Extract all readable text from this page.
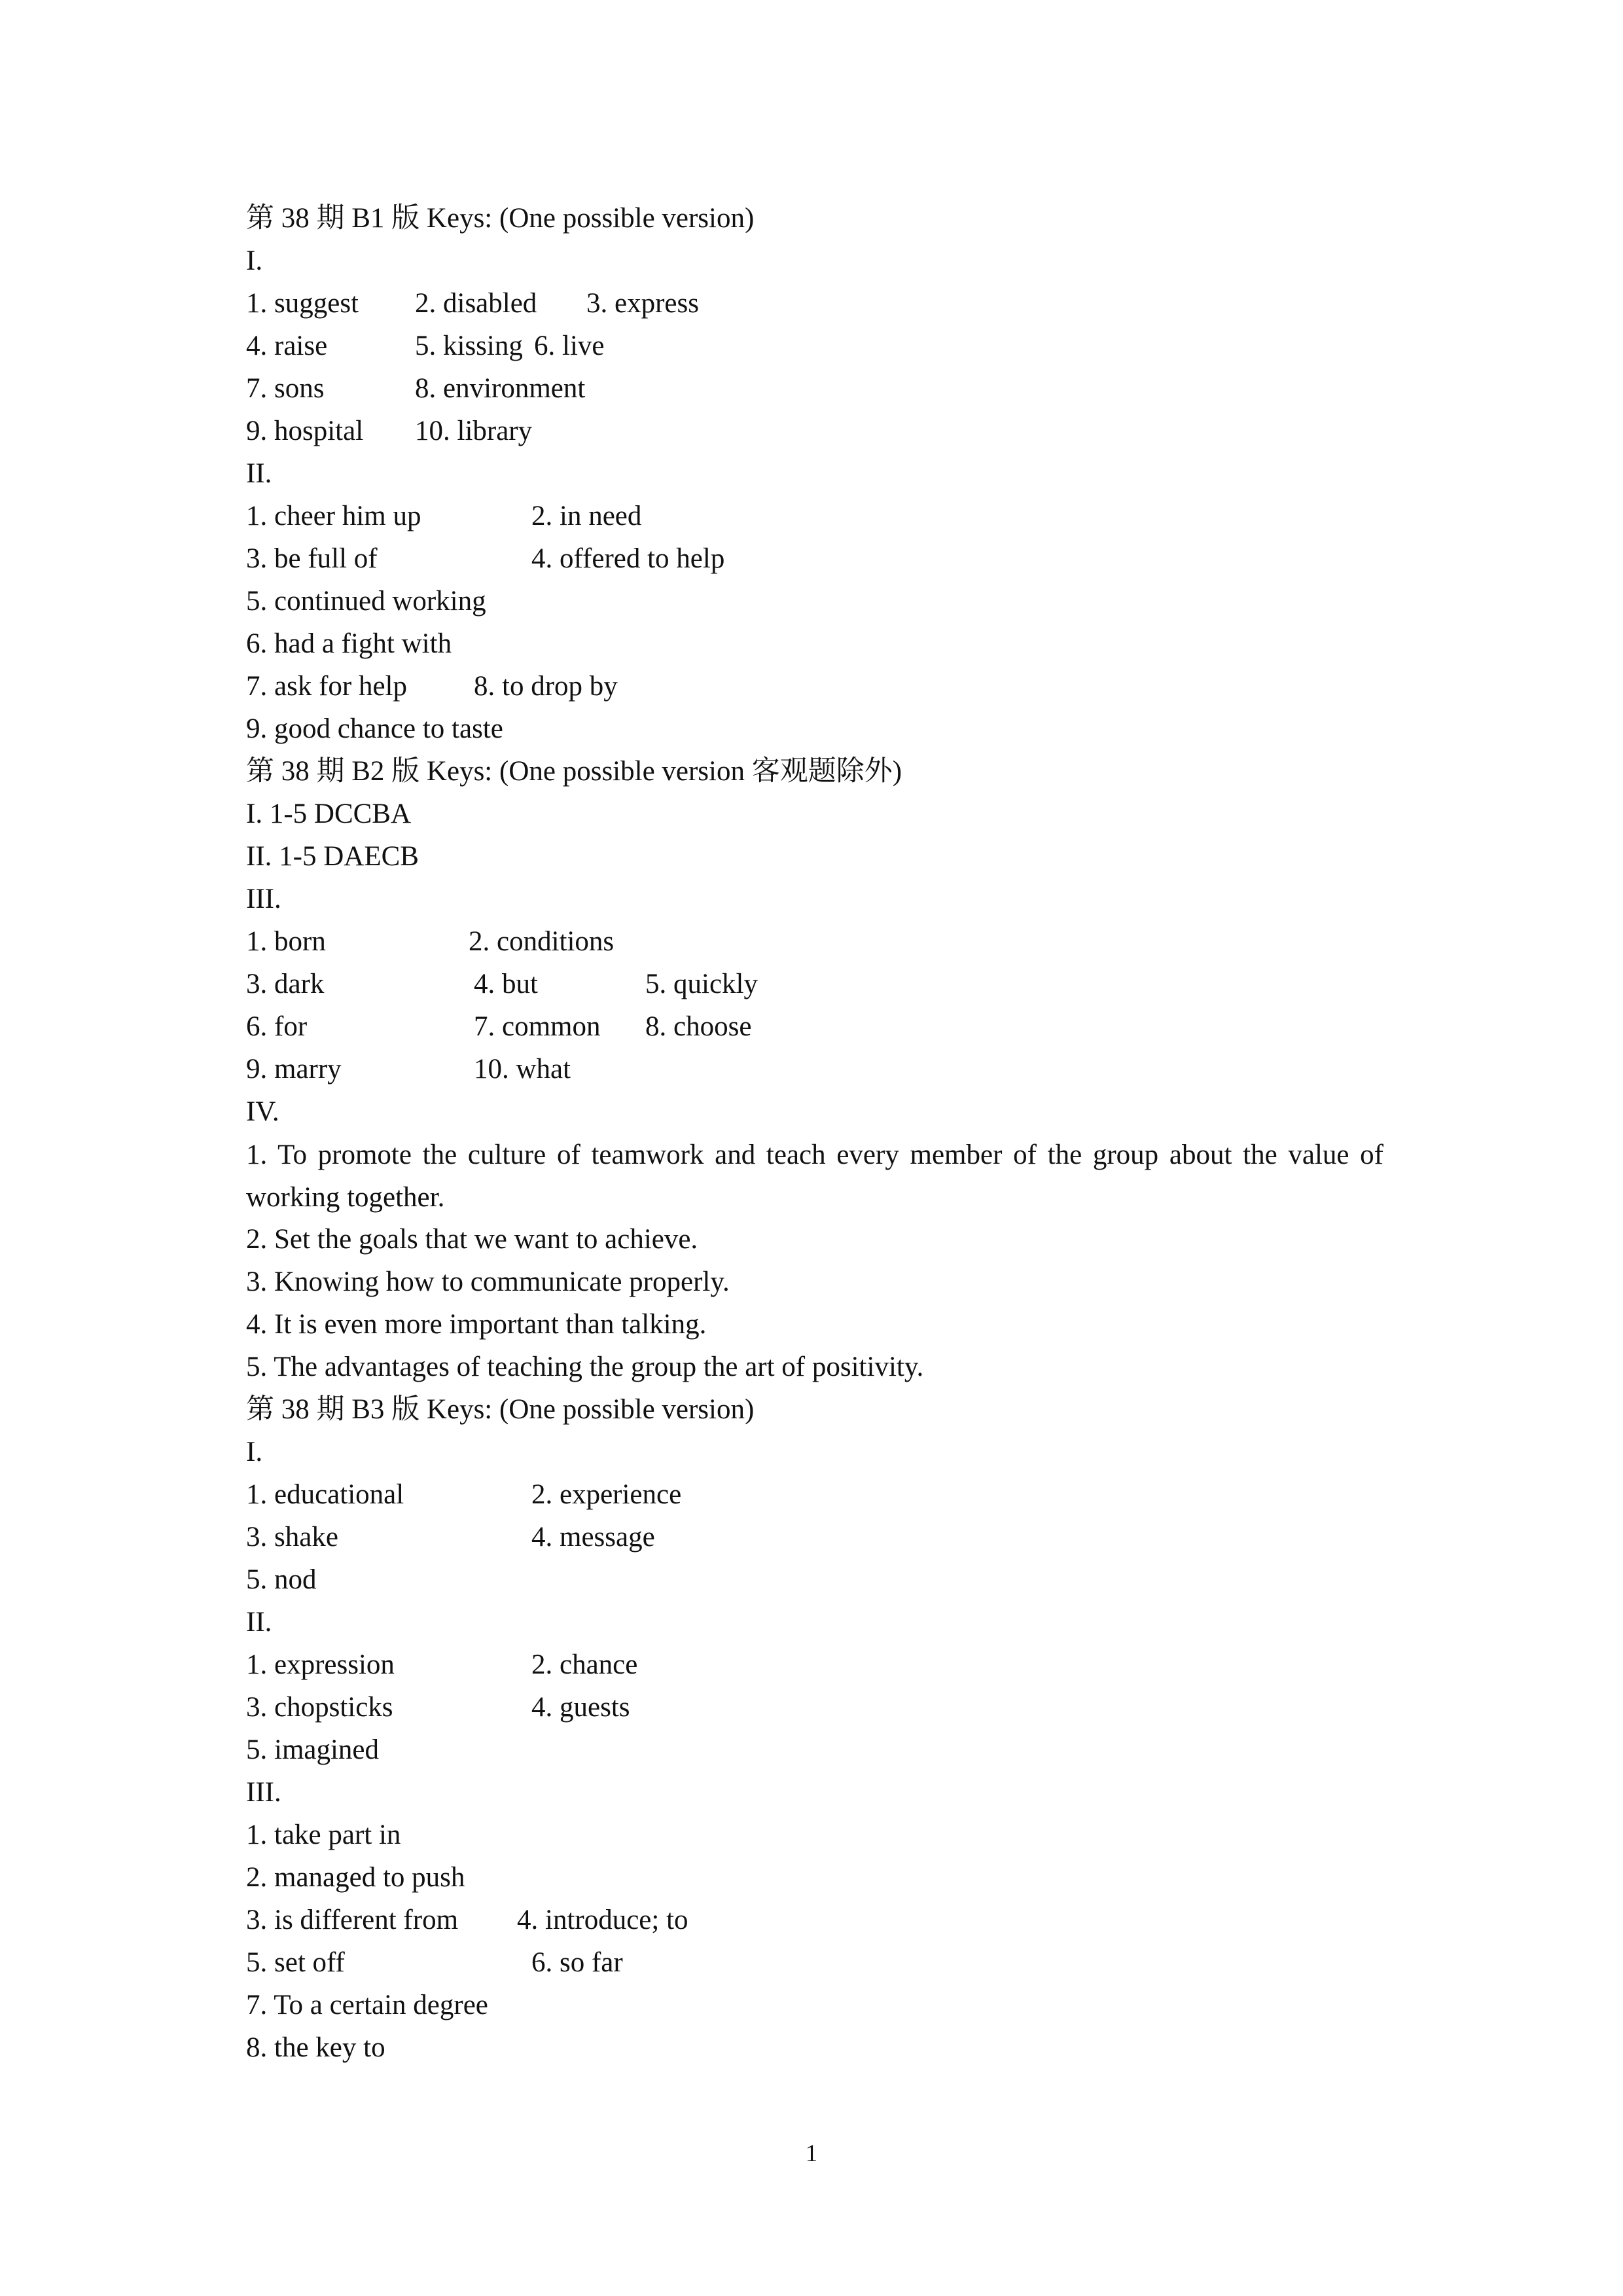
第 38 期 B1 版 Keys: (One possible version)
I.
1. suggest 2. disabled 3. express
4. raise	5. kissing 6. live
7. sons	8. environment
9. hospital 10. library
II.
1. cheer him up	2. in need
3. be full of	4. offered to help
5. continued working
6. had a fight with
7. ask for help 8. to drop by
9. good chance to taste
第 38 期 B2 版 Keys: (One possible version 客观题除外)
I. 1-5 DCCBA
II. 1-5 DAECB
III.
1. born	2. conditions
3. dark	4. but	5. quickly
6. for	7. common 8. choose
9. marry	10. what
IV.
1. To promote the culture of teamwork and teach every member of the group about the value of working together.
2. Set the goals that we want to achieve.
3. Knowing how to communicate properly.
4. It is even more important than talking.
5. The advantages of teaching the group the art of positivity.
第 38 期 B3 版 Keys: (One possible version)
I.
1. educational	2. experience
3. shake	4. message
5. nod
II.
1. expression	2. chance
3. chopsticks	4. guests
5. imagined
III.
1. take part in
2. managed to push
3. is different from 4. introduce; to
5. set off	6. so far
7. To a certain degree
8. the key to
1
